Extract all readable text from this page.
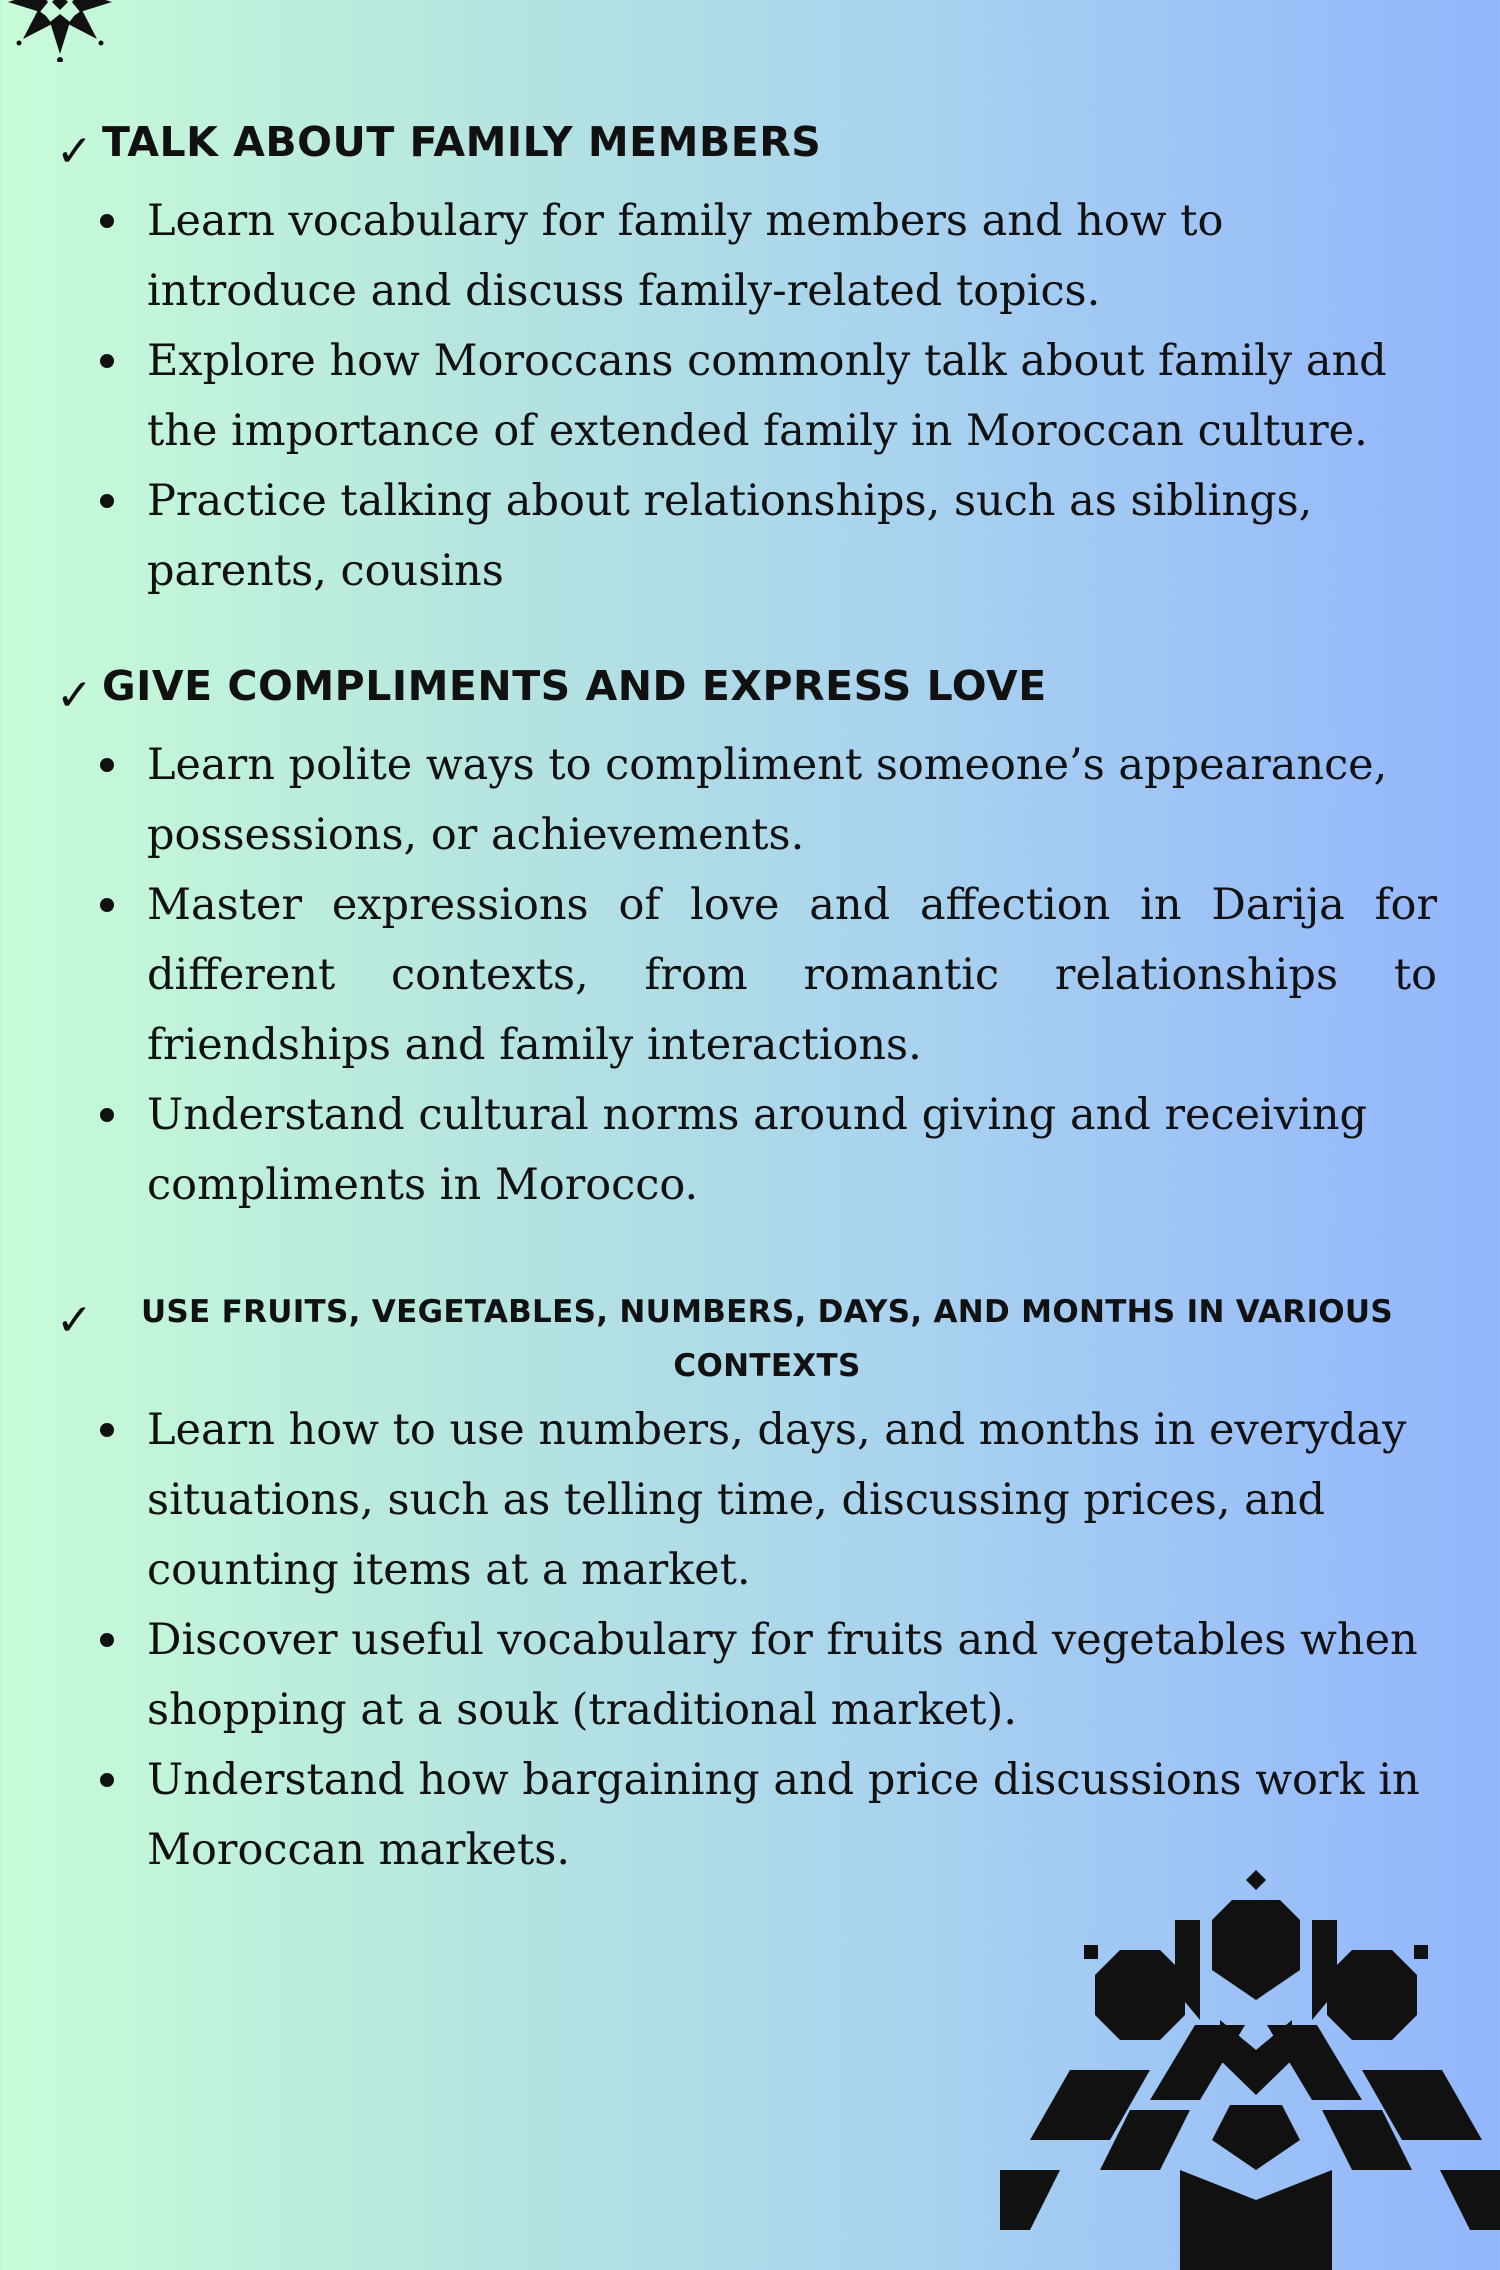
✓ TALK ABOUT FAMILY MEMBERS
Learn vocabulary for family members and how to introduce and discuss family-related topics.
Explore how Moroccans commonly talk about family and the importance of extended family in Moroccan culture.
Practice talking about relationships, such as siblings, parents, cousins
✓ GIVE COMPLIMENTS AND EXPRESS LOVE
Learn polite ways to compliment someone’s appearance, possessions, or achievements.
Master expressions of love and affection in Darija for different contexts, from romantic relationships to friendships and family interactions.
Understand cultural norms around giving and receiving compliments in Morocco.
✓	USE FRUITS, VEGETABLES, NUMBERS, DAYS, AND MONTHS IN VARIOUS CONTEXTS
Learn how to use numbers, days, and months in everyday situations, such as telling time, discussing prices, and counting items at a market.
Discover useful vocabulary for fruits and vegetables when shopping at a souk (traditional market).
Understand how bargaining and price discussions work in Moroccan markets.
